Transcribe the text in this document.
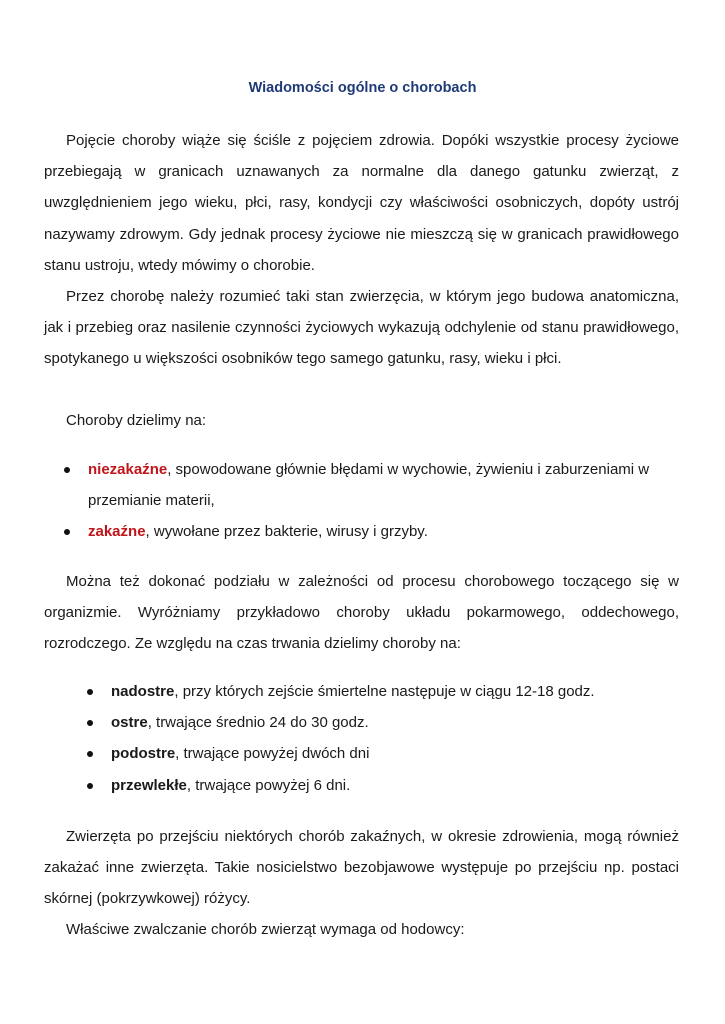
Wiadomości ogólne o chorobach

Pojęcie choroby wiąże się ściśle z pojęciem zdrowia. Dopóki wszystkie procesy życiowe przebiegają w granicach uznawanych za normalne dla danego gatunku zwierząt, z uwzględnieniem jego wieku, płci, rasy, kondycji czy właściwości osobniczych, dopóty ustrój nazywamy zdrowym. Gdy jednak procesy życiowe nie mieszczą się w granicach prawidłowego stanu ustroju, wtedy mówimy o chorobie.

Przez chorobę należy rozumieć taki stan zwierzęcia, w którym jego budowa anatomiczna, jak i przebieg oraz nasilenie czynności życiowych wykazują odchylenie od stanu prawidłowego, spotykanego u większości osobników tego samego gatunku, rasy, wieku i płci.

Choroby dzielimy na:

niezakaźne, spowodowane głównie błędami w wychowie, żywieniu i zaburzeniami w przemianie materii,
zakaźne, wywołane przez bakterie, wirusy i grzyby.

Można też dokonać podziału w zależności od procesu chorobowego toczącego się w organizmie. Wyróżniamy przykładowo choroby układu pokarmowego, oddechowego, rozrodczego. Ze względu na czas trwania dzielimy choroby na:

nadostre, przy których zejście śmiertelne następuje w ciągu 12-18 godz.
ostre, trwające średnio 24 do 30 godz.
podostre, trwające powyżej dwóch dni
przewlekłe, trwające powyżej 6 dni.

Zwierzęta po przejściu niektórych chorób zakaźnych, w okresie zdrowienia, mogą również zakażać inne zwierzęta. Takie nosicielstwo bezobjawowe występuje po przejściu np. postaci skórnej (pokrzywkowej) różycy.

Właściwe zwalczanie chorób zwierząt wymaga od hodowcy:
